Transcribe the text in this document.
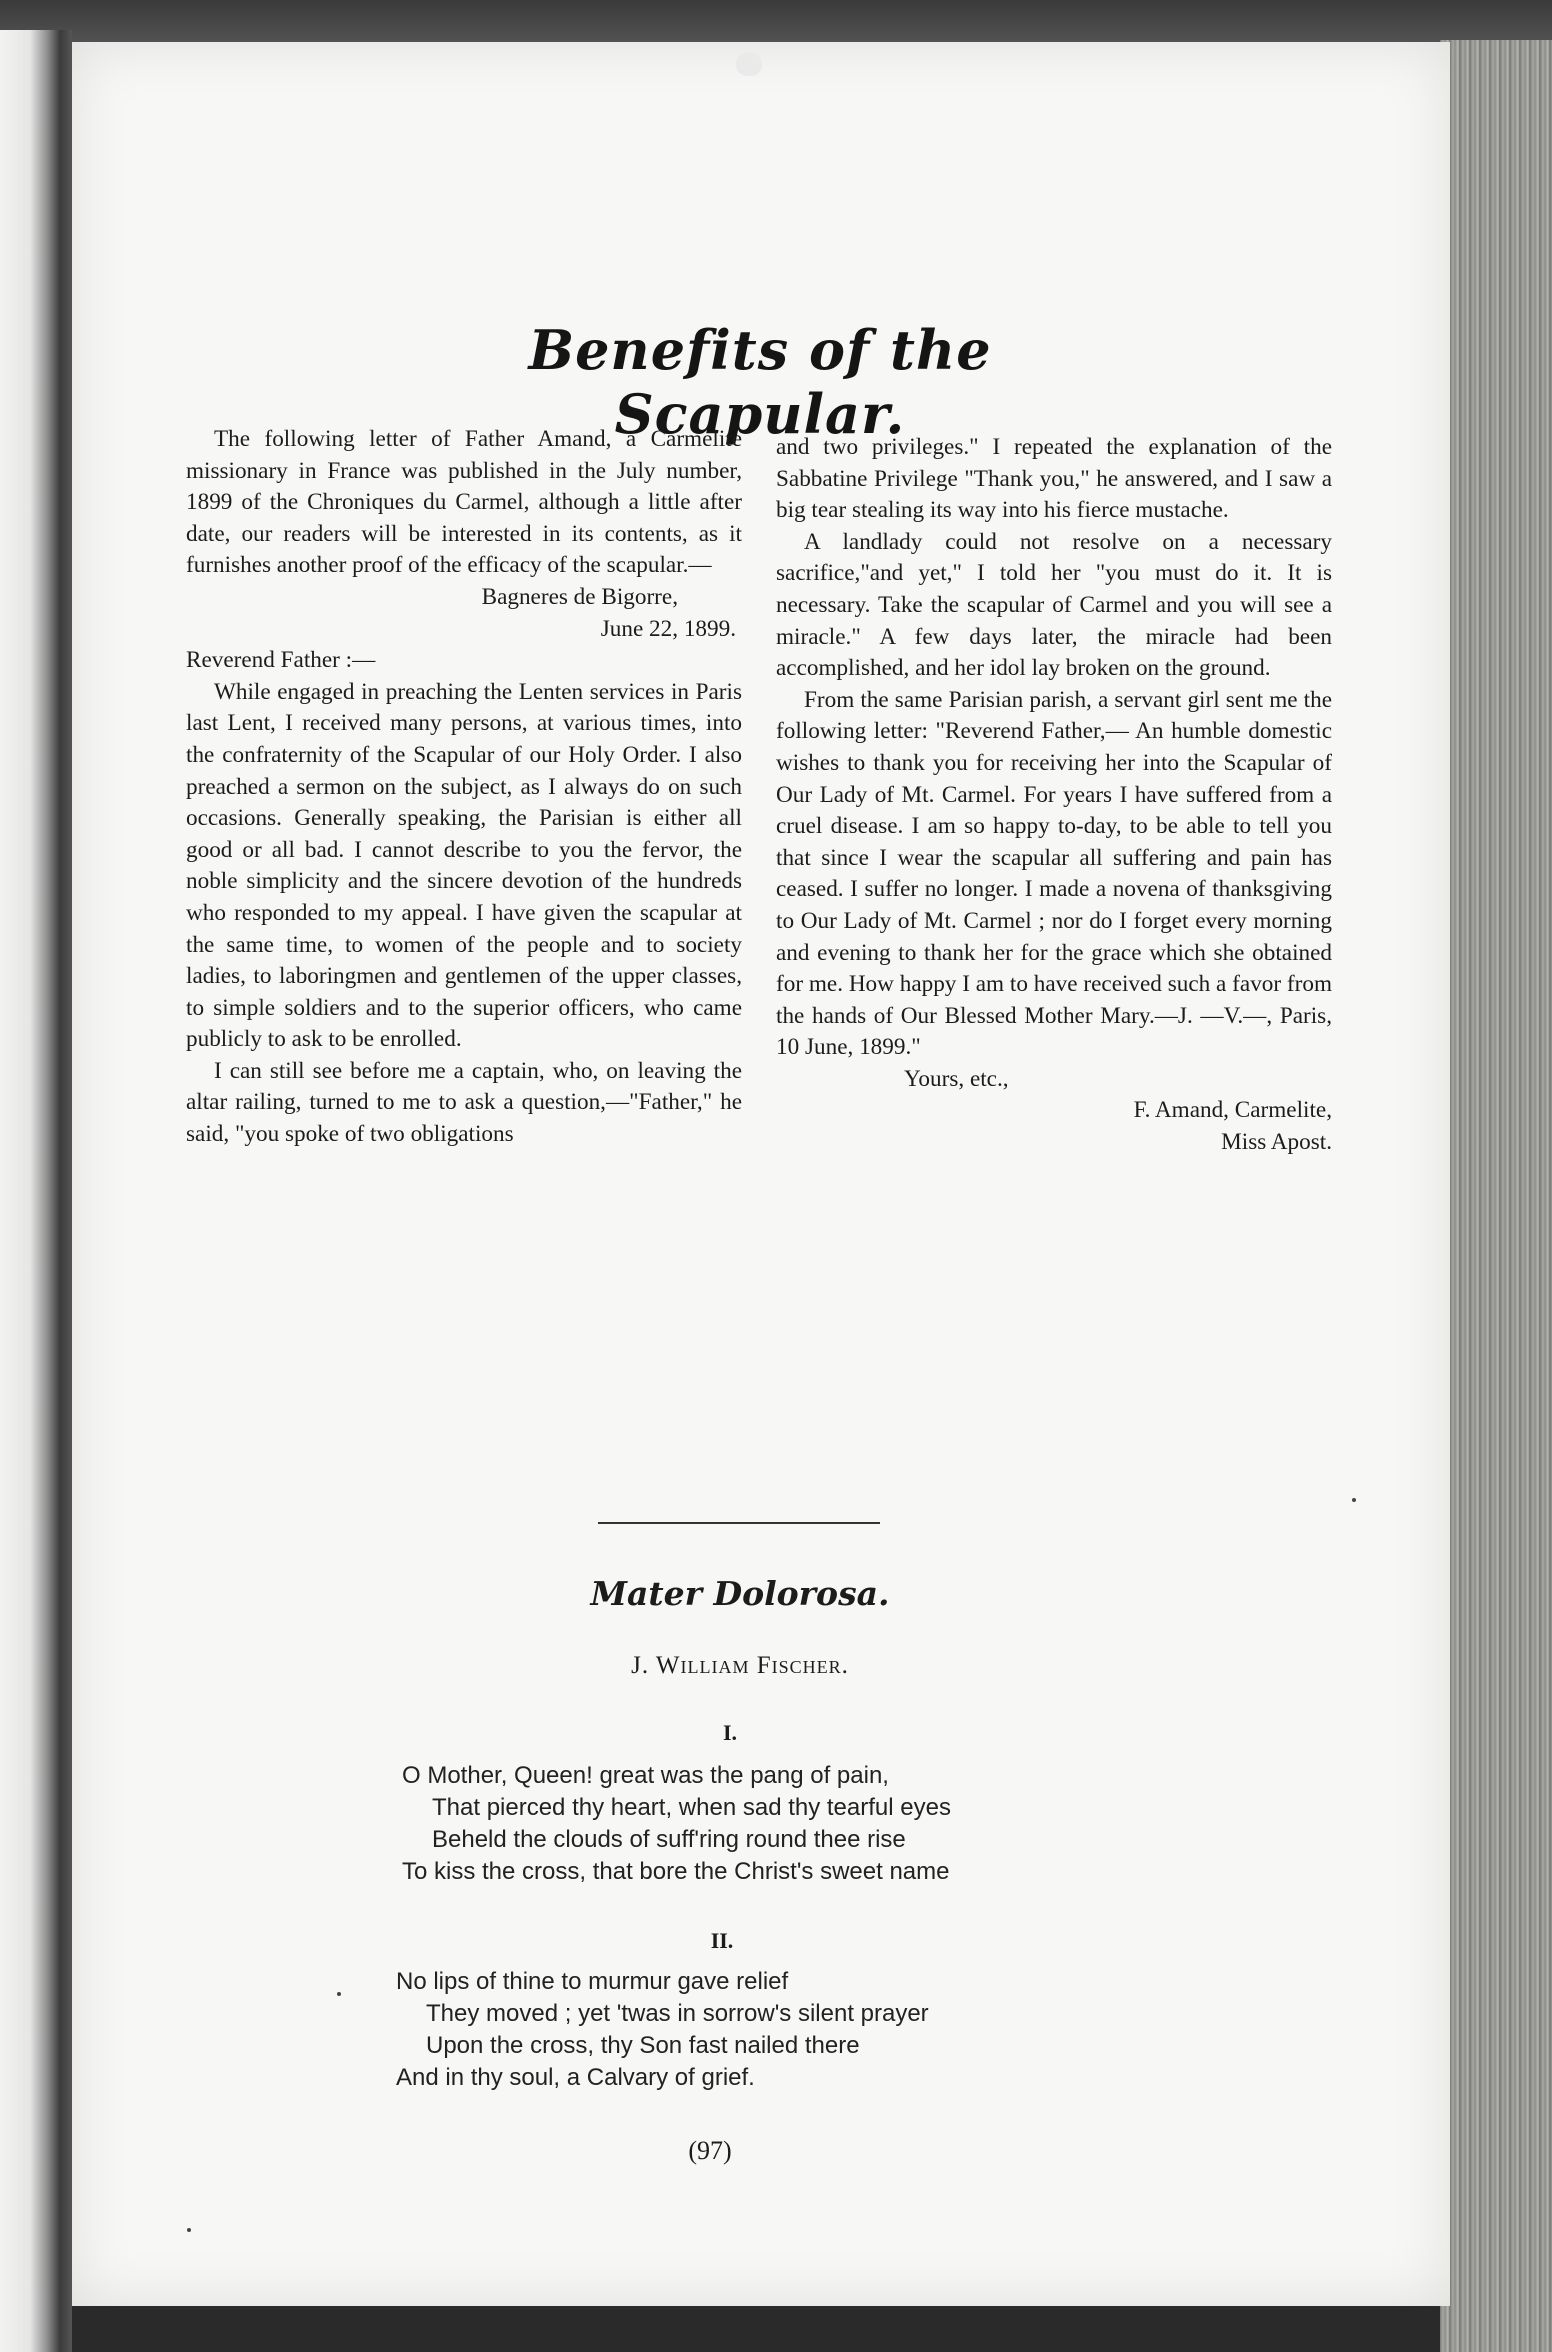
Benefits of the Scapular.

The following letter of Father Amand, a Carmelite missionary in France was published in the July number, 1899 of the Chroniques du Carmel, although a little after date, our readers will be interested in its contents, as it furnishes another proof of the efficacy of the scapular.—

Bagneres de Bigorre,

June 22, 1899.

Reverend Father :—

While engaged in preaching the Lenten services in Paris last Lent, I received many persons, at various times, into the confraternity of the Scapular of our Holy Order. I also preached a sermon on the subject, as I always do on such occasions. Generally speaking, the Parisian is either all good or all bad. I cannot describe to you the fervor, the noble simplicity and the sincere devotion of the hundreds who responded to my appeal. I have given the scapular at the same time, to women of the people and to society ladies, to laboringmen and gentlemen of the upper classes, to simple soldiers and to the superior officers, who came publicly to ask to be enrolled.

I can still see before me a captain, who, on leaving the altar railing, turned to me to ask a question,—"Father," he said, "you spoke of two obligations

and two privileges." I repeated the explanation of the Sabbatine Privilege "Thank you," he answered, and I saw a big tear stealing its way into his fierce mustache.

A landlady could not resolve on a necessary sacrifice,"and yet," I told her "you must do it. It is necessary. Take the scapular of Carmel and you will see a miracle." A few days later, the miracle had been accomplished, and her idol lay broken on the ground.

From the same Parisian parish, a servant girl sent me the following letter: "Reverend Father,— An humble domestic wishes to thank you for receiving her into the Scapular of Our Lady of Mt. Carmel. For years I have suffered from a cruel disease. I am so happy to-day, to be able to tell you that since I wear the scapular all suffering and pain has ceased. I suffer no longer. I made a novena of thanksgiving to Our Lady of Mt. Carmel ; nor do I forget every morning and evening to thank her for the grace which she obtained for me. How happy I am to have received such a favor from the hands of Our Blessed Mother Mary.—J. —V.—, Paris, 10 June, 1899."

Yours, etc.,

F. Amand, Carmelite,

Miss Apost.

Mater Dolorosa.
J. William Fischer.
I.
O Mother, Queen! great was the pang of pain,
That pierced thy heart, when sad thy tearful eyes
Beheld the clouds of suff'ring round thee rise
To kiss the cross, that bore the Christ's sweet name
II.
No lips of thine to murmur gave relief
They moved ; yet 'twas in sorrow's silent prayer
Upon the cross, thy Son fast nailed there
And in thy soul, a Calvary of grief.
(97)
